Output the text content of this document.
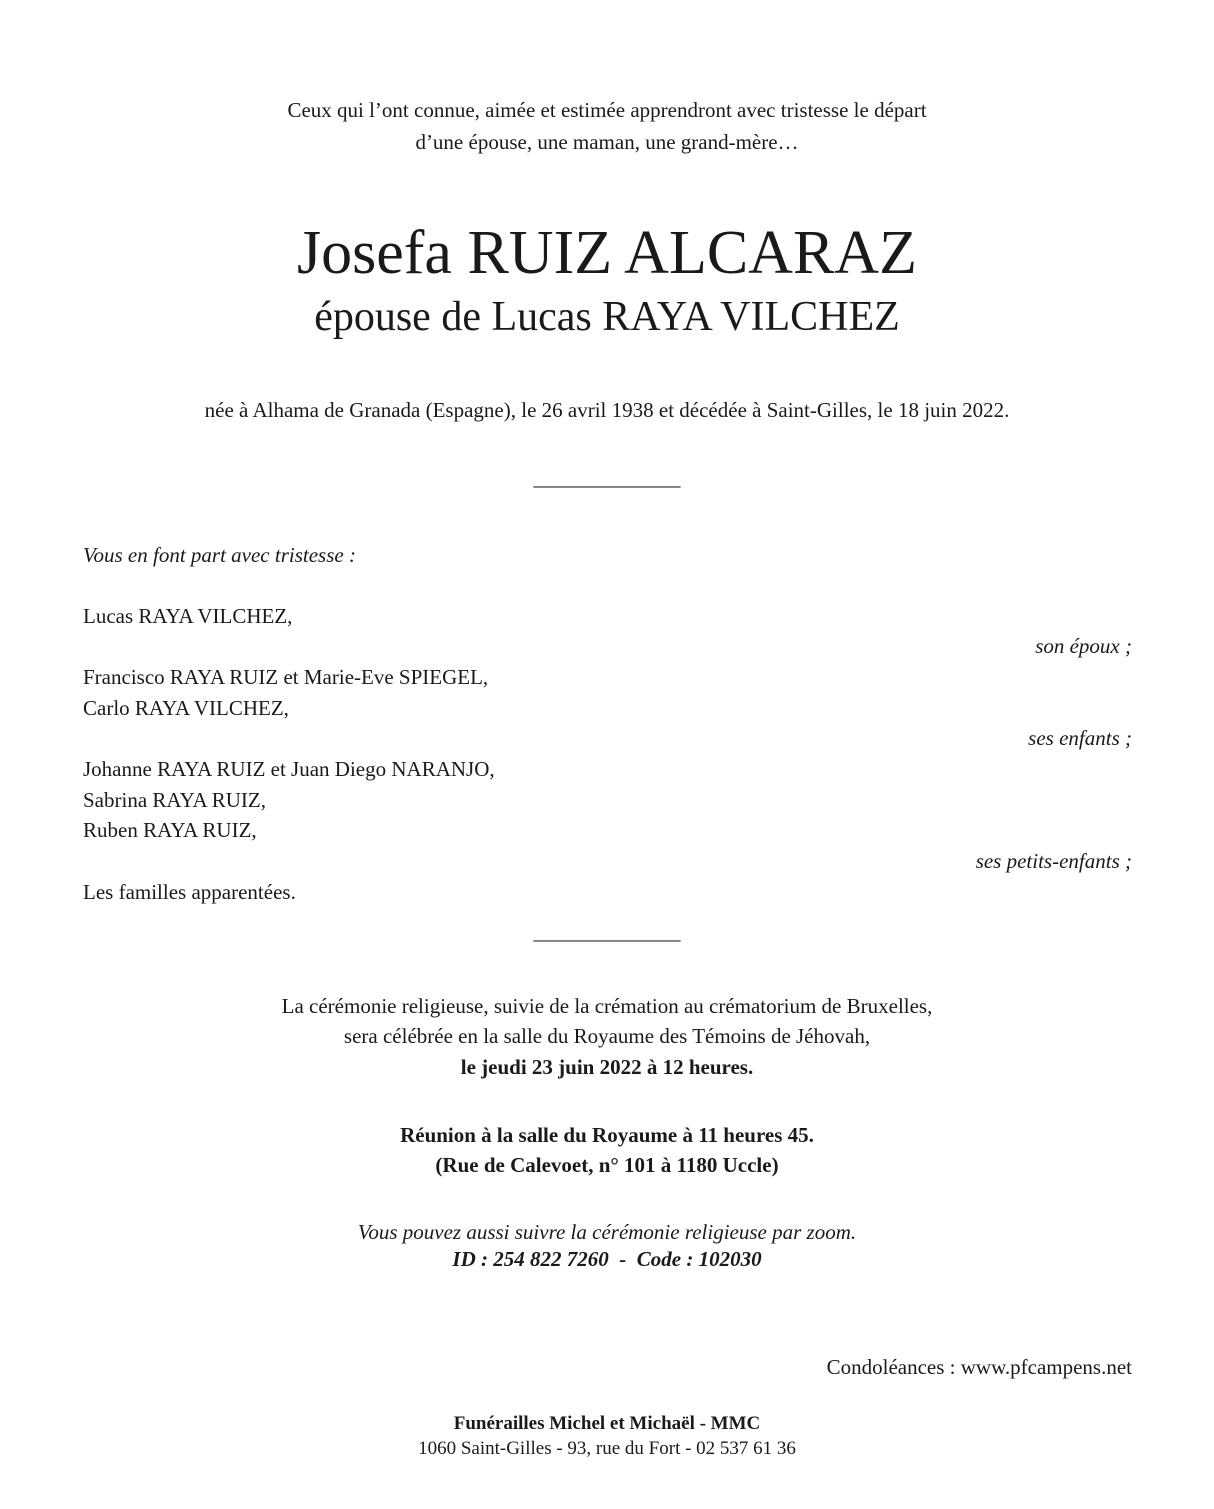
Ceux qui l’ont connue, aimée et estimée apprendront avec tristesse le départ
d’une épouse, une maman, une grand-mère…
Josefa RUIZ ALCARAZ
épouse de Lucas RAYA VILCHEZ
née à Alhama de Granada (Espagne), le 26 avril 1938 et décédée à Saint-Gilles, le 18 juin 2022.
______________
Vous en font part avec tristesse :
Lucas RAYA VILCHEZ,
son époux ;
Francisco RAYA RUIZ et Marie-Eve SPIEGEL,
Carlo RAYA VILCHEZ,
ses enfants ;
Johanne RAYA RUIZ et Juan Diego NARANJO,
Sabrina RAYA RUIZ,
Ruben RAYA RUIZ,
ses petits-enfants ;
Les familles apparentées.
______________
La cérémonie religieuse, suivie de la crémation au crématorium de Bruxelles,
sera célébrée en la salle du Royaume des Témoins de Jéhovah,
le jeudi 23 juin 2022 à 12 heures.
Réunion à la salle du Royaume à 11 heures 45.
(Rue de Calevoet, n° 101 à 1180 Uccle)
Vous pouvez aussi suivre la cérémonie religieuse par zoom.
ID : 254 822 7260  -  Code : 102030
Condoléances : www.pfcampens.net
Funérailles Michel et Michaël - MMC
1060 Saint-Gilles - 93, rue du Fort - 02 537 61 36
